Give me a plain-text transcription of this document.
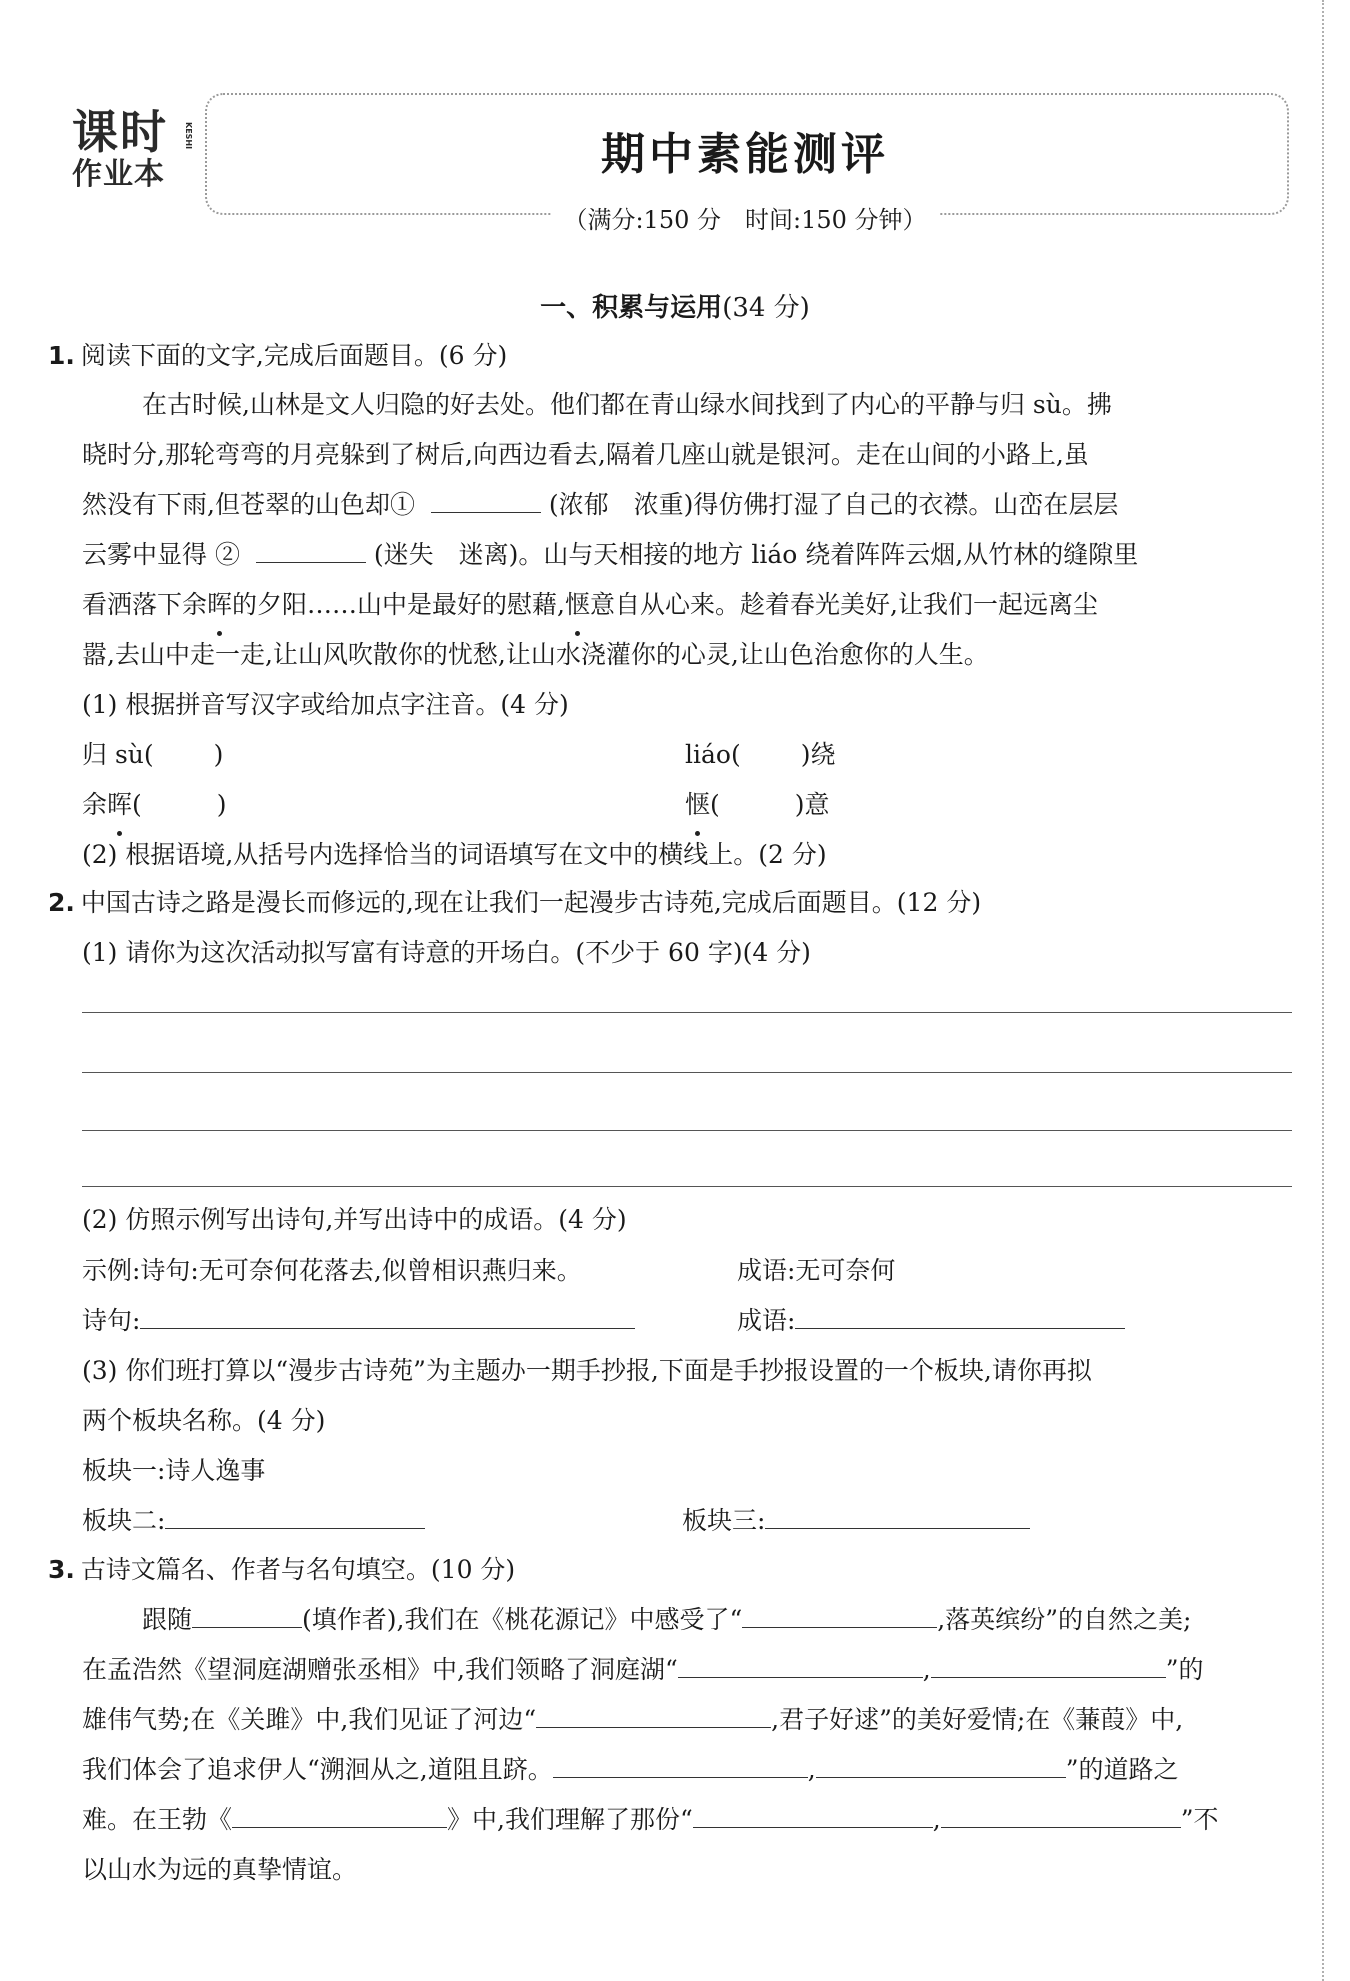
课时
作业本
KESHI	期中素能测评
（满分:150 分　时间:150 分钟）
一、积累与运用(34 分)
1. 阅读下面的文字,完成后面题目。(6 分)
在古时候,山林是文人归隐的好去处。他们都在青山绿水间找到了内心的平静与归 sù。拂
晓时分,那轮弯弯的月亮躲到了树后,向西边看去,隔着几座山就是银河。走在山间的小路上,虽
然没有下雨,但苍翠的山色却①	(浓郁　浓重)得仿佛打湿了自己的衣襟。山峦在层层
云雾中显得 ②	(迷失　迷离)。山与天相接的地方 liáo 绕着阵阵云烟,从竹林的缝隙里
看洒落下余晖的夕阳……山中是最好的慰藉,惬意自从心来。趁着春光美好,让我们一起远离尘
嚣,去山中走一走,让山风吹散你的忧愁,让山水浇灌你的心灵,让山色治愈你的人生。
(1) 根据拼音写汉字或给加点字注音。(4 分)
归 sù( )	liáo( )绕
余晖(　　　)	惬(　　　)意
(2) 根据语境,从括号内选择恰当的词语填写在文中的横线上。(2 分)
2. 中国古诗之路是漫长而修远的,现在让我们一起漫步古诗苑,完成后面题目。(12 分)
(1) 请你为这次活动拟写富有诗意的开场白。(不少于 60 字)(4 分)
(2) 仿照示例写出诗句,并写出诗中的成语。(4 分)
示例:诗句:无可奈何花落去,似曾相识燕归来。	成语:无可奈何
诗句:	成语:
(3) 你们班打算以“漫步古诗苑”为主题办一期手抄报,下面是手抄报设置的一个板块,请你再拟
两个板块名称。(4 分)
板块一:诗人逸事
板块二:	板块三:
3. 古诗文篇名、作者与名句填空。(10 分)
跟随	(填作者),我们在《桃花源记》中感受了“	,落英缤纷”的自然之美;
在孟浩然《望洞庭湖赠张丞相》中,我们领略了洞庭湖“	,	”的
雄伟气势;在《关雎》中,我们见证了河边“	,君子好逑”的美好爱情;在《蒹葭》中,
我们体会了追求伊人“溯洄从之,道阻且跻。	,	”的道路之
难。在王勃《	》中,我们理解了那份“	,	”不
以山水为远的真挚情谊。
